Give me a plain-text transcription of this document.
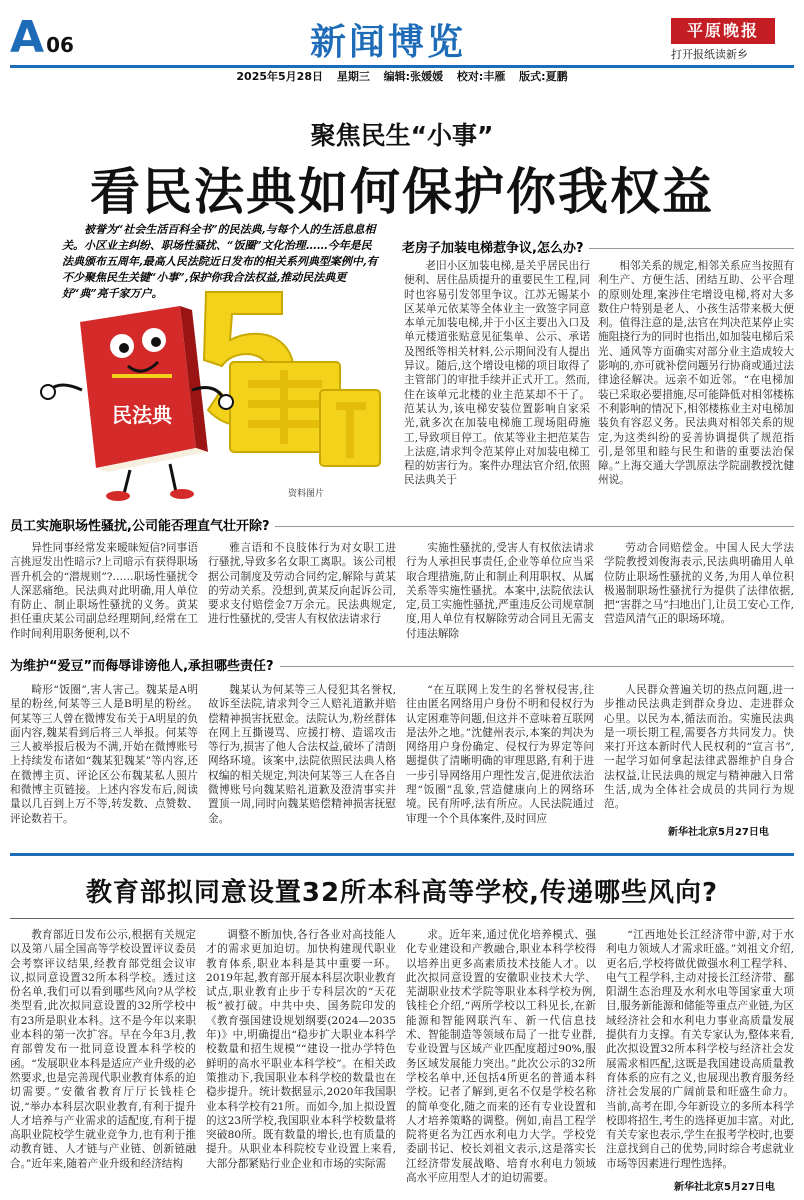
A 06	新闻博览	平原晚报
打开报纸读新乡
2025年5月28日 星期三 编辑:张媛媛 校对:丰雁 版式:夏鹏
聚焦民生“小事”
看民法典如何保护你我权益
被誉为“社会生活百科全书”的民法典,与每个人的生活息息相关。小区业主纠纷、职场性骚扰、“饭圈”文化治理……今年是民法典颁布五周年,最高人民法院近日发布的相关系列典型案例中,有不少聚焦民生关键“小事”,保护你我合法权益,推动民法典更好“典”亮千家万户。
民法典
资料图片
老房子加装电梯惹争议,怎么办?

老旧小区加装电梯,是关乎居民出行便利、居住品质提升的重要民生工程,同时也容易引发邻里争议。江苏无锡某小区某单元依某等全体业主一致签字同意本单元加装电梯,并于小区主要出入口及单元楼道张贴意见征集单、公示、承诺及图纸等相关材料,公示期间没有人提出异议。随后,这个增设电梯的项目取得了主管部门的审批手续并正式开工。然而,住在该单元北楼的业主范某却不干了。范某认为,该电梯安装位置影响自家采光,就多次在加装电梯施工现场阻碍施工,导致项目停工。依某等业主把范某告上法庭,请求判令范某停止对加装电梯工程的妨害行为。案件办理法官介绍,依照民法典关于

相邻关系的规定,相邻关系应当按照有利生产、方便生活、团结互助、公平合理的原则处理,案涉住宅增设电梯,将对大多数住户特别是老人、小孩生活带来极大便利。值得注意的是,法官在判决范某停止实施阻挠行为的同时也指出,如加装电梯后采光、通风等方面确实对部分业主造成较大影响的,亦可就补偿问题另行协商或通过法律途径解决。远亲不如近邻。“在电梯加装已采取必要措施,尽可能降低对相邻楼栋不利影响的情况下,相邻楼栋业主对电梯加装负有容忍义务。民法典对相邻关系的规定,为这类纠纷的妥善协调提供了规范指引,是邻里和睦与民生和谐的重要法治保障。”上海交通大学凯原法学院副教授沈健州说。

员工实施职场性骚扰,公司能否理直气壮开除?

异性同事经常发来暧昧短信?同事语言挑逗发出性暗示?上司暗示有获得职场晋升机会的“潜规则”?……职场性骚扰令人深恶痛绝。民法典对此明确,用人单位有防止、制止职场性骚扰的义务。黄某担任重庆某公司副总经理期间,经常在工作时间利用职务便利,以不

雅言语和不良肢体行为对女职工进行骚扰,导致多名女职工离职。该公司根据公司制度及劳动合同约定,解除与黄某的劳动关系。没想到,黄某反向起诉公司,要求支付赔偿金7万余元。民法典规定,进行性骚扰的,受害人有权依法请求行

实施性骚扰的,受害人有权依法请求行为人承担民事责任,企业等单位应当采取合理措施,防止和制止利用职权、从属关系等实施性骚扰。本案中,法院依法认定,员工实施性骚扰,严重违反公司规章制度,用人单位有权解除劳动合同且无需支付违法解除

劳动合同赔偿金。中国人民大学法学院教授刘俊海表示,民法典明确用人单位防止职场性骚扰的义务,为用人单位积极遏制职场性骚扰行为提供了法律依据,把“害群之马”扫地出门,让员工安心工作,营造风清气正的职场环境。

为维护“爱豆”而侮辱诽谤他人,承担哪些责任?

畸形“饭圈”,害人害己。魏某是A明星的粉丝,何某等三人是B明星的粉丝。何某等三人曾在微博发布关于A明星的负面内容,魏某看到后将三人举报。何某等三人被举报后极为不满,开始在微博账号上持续发布诸如“魏某犯魏某”等内容,还在微博主页、评论区公布魏某私人照片和微博主页链接。上述内容发布后,阅读量以几百到上万不等,转发数、点赞数、评论数若干。

魏某认为何某等三人侵犯其名誉权,故诉至法院,请求判令三人赔礼道歉并赔偿精神损害抚慰金。法院认为,粉丝群体在网上互撕谩骂、应援打榜、造谣攻击等行为,损害了他人合法权益,破坏了清朗网络环境。该案中,法院依照民法典人格权编的相关规定,判决何某等三人在各自微博账号向魏某赔礼道歉及澄清事实并置顶一周,同时向魏某赔偿精神损害抚慰金。

“在互联网上发生的名誉权侵害,往往由匿名网络用户身份不明和侵权行为认定困难等问题,但这并不意味着互联网是法外之地。”沈健州表示,本案的判决为网络用户身份确定、侵权行为界定等问题提供了清晰明确的审理思路,有利于进一步引导网络用户理性发言,促进依法治理“饭圈”乱象,营造健康向上的网络环境。民有所呼,法有所应。人民法院通过审理一个个具体案件,及时回应

人民群众普遍关切的热点问题,进一步推动民法典走到群众身边、走进群众心里。以民为本,循法而治。实施民法典是一项长期工程,需要各方共同发力。快来打开这本新时代人民权利的“宣言书”,一起学习如何拿起法律武器维护自身合法权益,让民法典的规定与精神融入日常生活,成为全体社会成员的共同行为规范。

新华社北京5月27日电
教育部拟同意设置32所本科高等学校,传递哪些风向?

教育部近日发布公示,根据有关规定以及第八届全国高等学校设置评议委员会考察评议结果,经教育部党组会议审议,拟同意设置32所本科学校。透过这份名单,我们可以看到哪些风向?从学校类型看,此次拟同意设置的32所学校中有23所是职业本科。这不是今年以来职业本科的第一次扩容。早在今年3月,教育部曾发布一批同意设置本科学校的函。“发展职业本科是适应产业升级的必然要求,也是完善现代职业教育体系的迫切需要。”安徽省教育厅厅长钱桂仑说,“举办本科层次职业教育,有利于提升人才培养与产业需求的适配度,有利于提高职业院校学生就业竞争力,也有利于推动教育链、人才链与产业链、创新链融合。”近年来,随着产业升级和经济结构

调整不断加快,各行各业对高技能人才的需求更加迫切。加快构建现代职业教育体系,职业本科是其中重要一环。2019年起,教育部开展本科层次职业教育试点,职业教育止步于专科层次的“天花板”被打破。中共中央、国务院印发的《教育强国建设规划纲要(2024—2035年)》中,明确提出“稳步扩大职业本科学校数量和招生规模”“建设一批办学特色鲜明的高水平职业本科学校”。在相关政策推动下,我国职业本科学校的数量也在稳步提升。统计数据显示,2020年我国职业本科学校有21所。而如今,加上拟设置的这23所学校,我国职业本科学校数量将突破80所。既有数量的增长,也有质量的提升。从职业本科院校专业设置上来看,大部分都紧贴行业企业和市场的实际需

求。近年来,通过优化培养模式、强化专业建设和产教融合,职业本科学校得以培养出更多高素质技术技能人才。以此次拟同意设置的安徽职业技术大学、芜湖职业技术学院等职业本科学校为例,钱桂仑介绍,“两所学校以工科见长,在新能源和智能网联汽车、新一代信息技术、智能制造等领域布局了一批专业群,专业设置与区域产业匹配度超过90%,服务区域发展能力突出。”此次公示的32所学校名单中,还包括4所更名的普通本科学校。记者了解到,更名不仅是学校名称的简单变化,随之而来的还有专业设置和人才培养策略的调整。例如,南昌工程学院将更名为江西水利电力大学。学校党委副书记、校长刘祖文表示,这是落实长江经济带发展战略、培育水利电力领域高水平应用型人才的迫切需要。

“江西地处长江经济带中游,对于水利电力领域人才需求旺盛。”刘祖文介绍,更名后,学校将做优做强水利工程学科、电气工程学科,主动对接长江经济带、鄱阳湖生态治理及水利水电等国家重大项目,服务新能源和储能等重点产业链,为区域经济社会和水利电力事业高质量发展提供有力支撑。有关专家认为,整体来看,此次拟设置32所本科学校与经济社会发展需求相匹配,这既是我国建设高质量教育体系的应有之义,也展现出教育服务经济社会发展的广阔前景和旺盛生命力。当前,高考在即,今年新设立的多所本科学校即将招生,考生的选择更加丰富。对此,有关专家也表示,学生在报考学校时,也要注意找到自己的优势,同时综合考虑就业市场等因素进行理性选择。

新华社北京5月27日电
